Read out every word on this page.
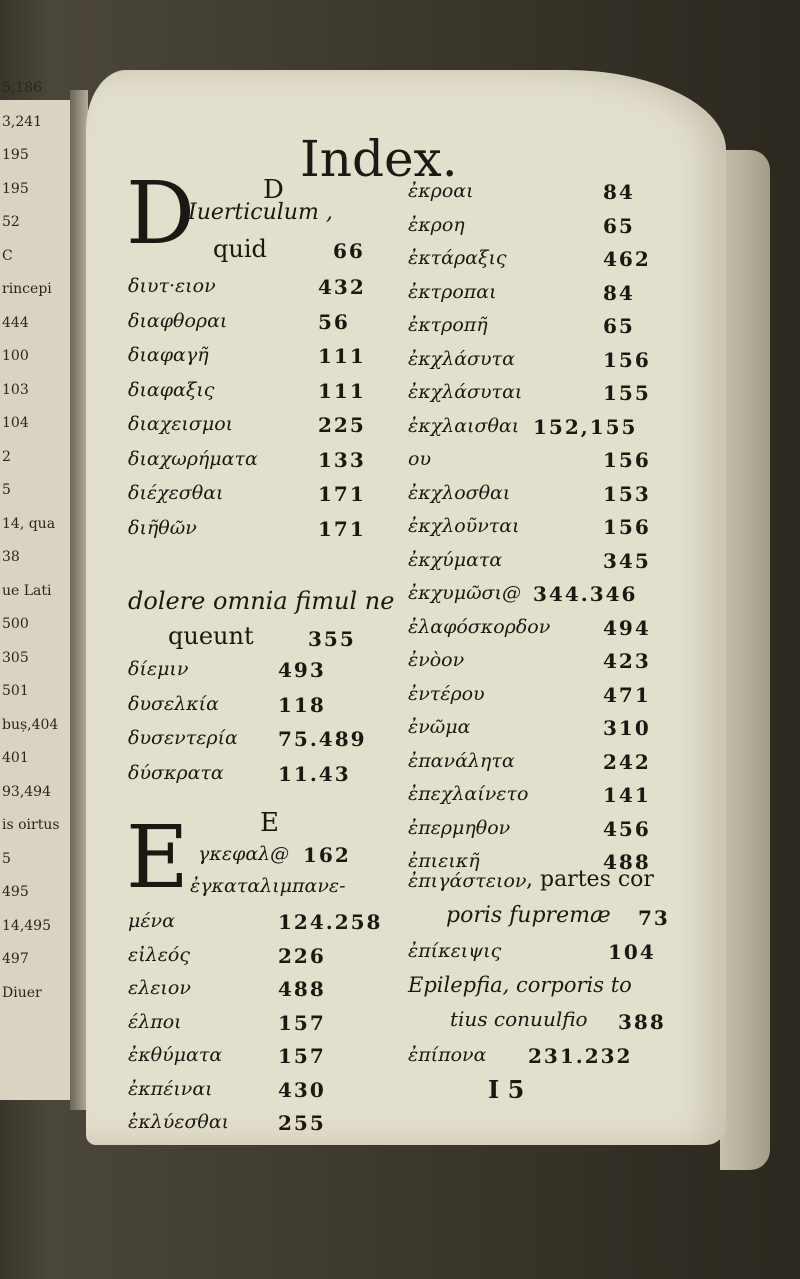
5,186
3,241
195
195
52
C
rincepi
444
100
103
104
2
5
14, qua
38
ue Lati
500
305
501
buș,404
401
93,494
is oirtus
5
495
14,495
497
Diuer
Index.
D
D
Iuerticulum ,
quid	66
διυτ·ειον	432
διαφθοραι	56
διαφαγῆ	111
διαφαξις	111
διαχεισμοι	225
διαχωρήματα	133
διέχεσθαι	171
διῆθῶν	171
dolere omnia fimul ne
queunt	355
δίεμιν	493
δυσελκία	118
δυσεντερία 75.489
δύσκρατα	11.43
E
E γκεφαλ@ 162
ἐγκαταλιμπανε-
μένα	124.258
εἰλεός	226
ελειον	488
έλποι	157
ἐκθύματα	157
ἐκπέιναι	430
ἐκλύεσθαι 255
ἐκροαι	84
ἐκροη	65
ἐκτάραξις	462
ἐκτροπαι	84
ἐκτροπῆ	65
ἐκχλάσυτα	156
ἐκχλάσυται	155
ἐκχλαισθαι 152,155
ου	156
ἐκχλοσθαι	153
ἐκχλοῦνται	156
ἐκχύματα	345
ἐκχυμῶσι@ 344.346
ἐλαφόσκορδον	494
ἐνὸον	423
ἐντέρου	471
ἐνῶμα	310
ἐπανάλητα	242
ἐπεχλαίνετο	141
ἐπερμηθον	456
ἐπιεικῆ	488
ἐπιγάστειον , partes cor
poris fupremæ 73
ἐπίκειψις	104
Epilepfia, corporis to
tius conuulfio 388
ἐπίπονα 231.232
I 5
